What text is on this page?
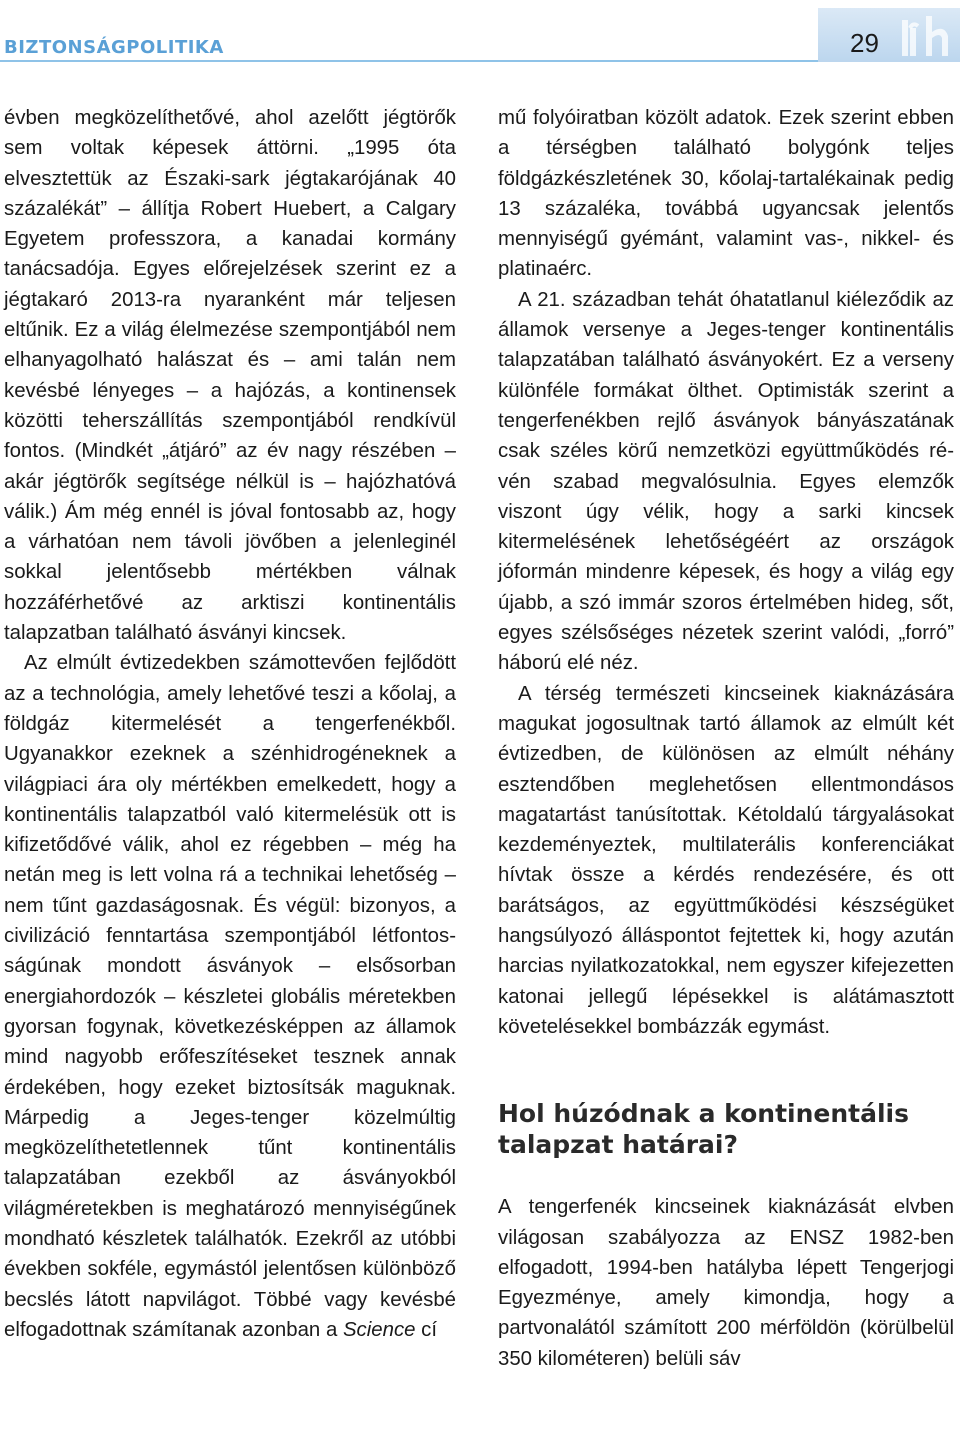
BIZTONSÁGPOLITIKA	29

évben megközelíthetővé, ahol azelőtt jégtörők sem voltak képesek áttörni. „1995 óta elvesztettük az Északi-sark jégtakarójának 40 százalékát” – állítja Robert Huebert, a Calgary Egyetem professzora, a kanadai kormány tanácsadója. Egyes előrejelzések szerint ez a jégtakaró 2013-ra nyaranként már teljesen eltűnik. Ez a világ élelmezése szempontjából nem elhanyagolható halászat és – ami talán nem kevésbé lényeges – a hajózás, a kontinensek közötti teherszállítás szempontjából rendkívül fontos. (Mindkét „átjáró” az év nagy részében – akár jégtörők segítsége nélkül is – hajózhatóvá válik.) Ám még ennél is jóval fontosabb az, hogy a várhatóan nem távoli jövőben a jelenleginél sokkal jelentősebb mértékben válnak hozzáférhetővé az arktiszi kontinentális talapzatban található ásványi kincsek.

Az elmúlt évtizedekben számottevően fejlődött az a technológia, amely lehetővé teszi a kőolaj, a földgáz kitermelését a tengerfenékből. Ugyanakkor ezeknek a szénhidrogéneknek a világpiaci ára oly mértékben emelkedett, hogy a kontinentális talapzatból való kitermelésük ott is kifizetődővé válik, ahol ez régebben – még ha netán meg is lett volna rá a technikai lehetőség – nem tűnt gazdaságosnak. És végül: bizonyos, a civilizáció fenntartása szempontjából létfontosságúnak mondott ásványok – elsősorban energiahordozók – készletei globális méretekben gyorsan fogynak, következésképpen az államok mind nagyobb erőfeszítéseket tesznek annak érdekében, hogy ezeket biztosítsák maguknak. Márpedig a Jeges-tenger közelmúltig megközelíthetetlennek tűnt kontinentális talapzatában ezekből az ásványokból világméretekben is meghatározó mennyiségűnek mondható készletek találhatók. Ezekről az utóbbi években sokféle, egymástól jelentősen különböző becslés látott napvilágot. Többé vagy kevésbé elfogadottnak számítanak azonban a Science cí

mű folyóiratban közölt adatok. Ezek szerint ebben a térségben található bolygónk teljes földgázkészletének 30, kőolaj-tartalékainak pedig 13 százaléka, továbbá ugyancsak jelentős mennyiségű gyémánt, valamint vas-, nikkel- és platinaérc.

A 21. században tehát óhatatlanul kiéleződik az államok versenye a Jeges-tenger kontinentális talapzatában található ásványokért. Ez a verseny különféle formákat ölthet. Optimisták szerint a tengerfenékben rejlő ásványok bányászatának csak széles körű nemzetközi együttműködés révén szabad megvalósulnia. Egyes elemzők viszont úgy vélik, hogy a sarki kincsek kitermelésének lehetőségéért az országok jóformán mindenre képesek, és hogy a világ egy újabb, a szó immár szoros értelmében hideg, sőt, egyes szélsőséges nézetek szerint valódi, „forró” háború elé néz.

A térség természeti kincseinek kiaknázására magukat jogosultnak tartó államok az elmúlt két évtizedben, de különösen az elmúlt néhány esztendőben meglehetősen ellentmondásos magatartást tanúsítottak. Kétoldalú tárgyalásokat kezdeményeztek, multilaterális konferenciákat hívtak össze a kérdés rendezésére, és ott barátságos, az együttműködési készségüket hangsúlyozó álláspontot fejtettek ki, hogy azután harcias nyilatkozatokkal, nem egyszer kifejezetten katonai jellegű lépésekkel is alátámasztott követelésekkel bombázzák egymást.

Hol húzódnak a kontinentális talapzat határai?

A tengerfenék kincseinek kiaknázását elvben világosan szabályozza az ENSZ 1982-ben elfogadott, 1994-ben hatályba lépett Tengerjogi Egyezménye, amely kimondja, hogy a partvonalától számított 200 mérföldön (körülbelül 350 kilométeren) belüli sáv
